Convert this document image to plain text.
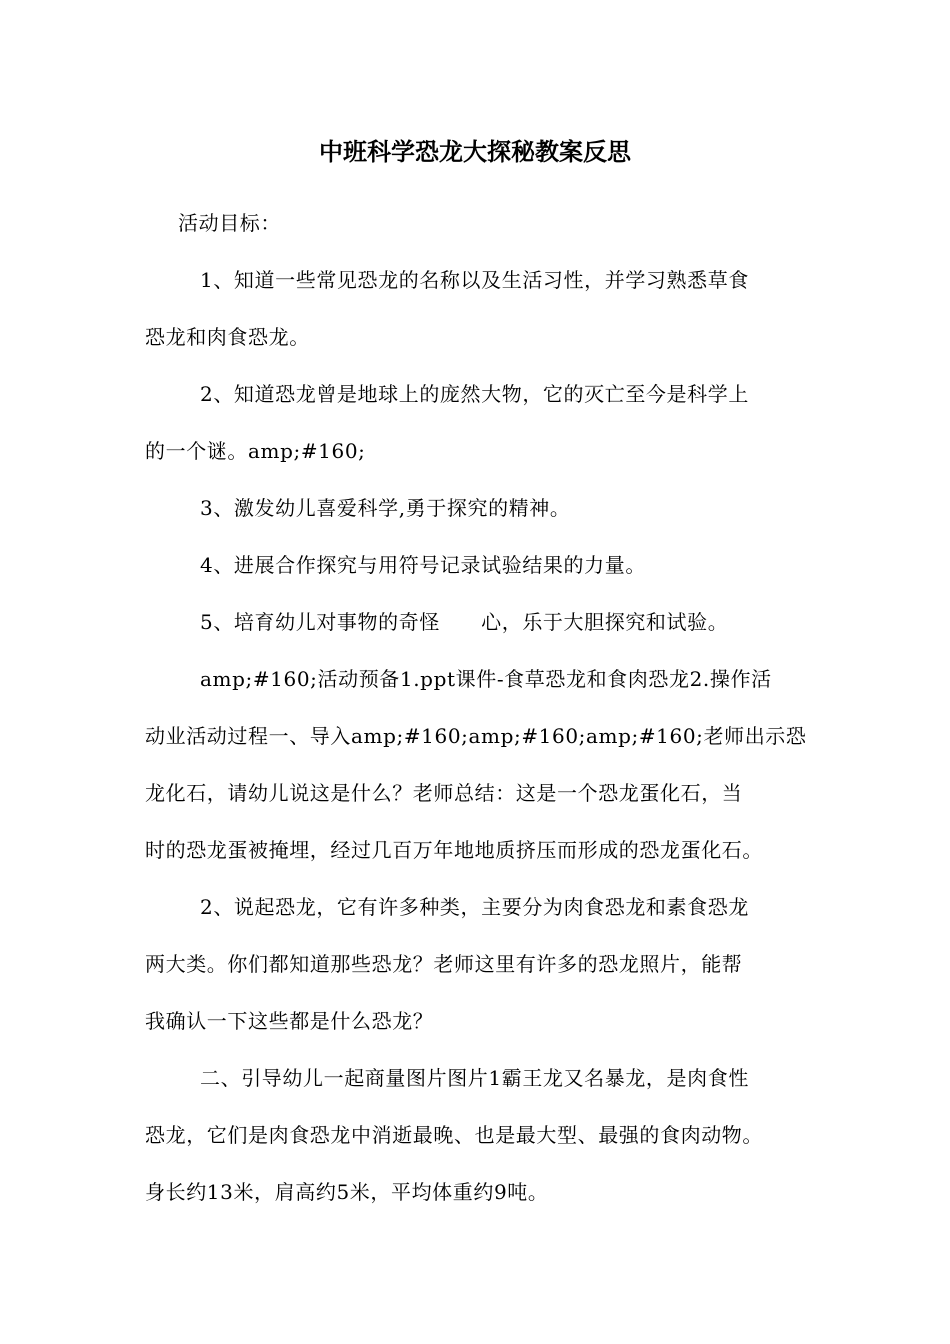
中班科学恐龙大探秘教案反思
活动目标：
1、知道一些常见恐龙的名称以及生活习性，并学习熟悉草食
恐龙和肉食恐龙。
2、知道恐龙曾是地球上的庞然大物，它的灭亡至今是科学上
的一个谜。amp;#160;
3、激发幼儿喜爱科学,勇于探究的精神。
4、进展合作探究与用符号记录试验结果的力量。
5、培育幼儿对事物的奇怪　　心，乐于大胆探究和试验。
amp;#160;活动预备1.ppt课件-食草恐龙和食肉恐龙2.操作活
动业活动过程一、导入amp;#160;amp;#160;amp;#160;老师出示恐
龙化石，请幼儿说这是什么？老师总结：这是一个恐龙蛋化石，当
时的恐龙蛋被掩埋，经过几百万年地地质挤压而形成的恐龙蛋化石。
2、说起恐龙，它有许多种类，主要分为肉食恐龙和素食恐龙
两大类。你们都知道那些恐龙？老师这里有许多的恐龙照片，能帮
我确认一下这些都是什么恐龙？
二、引导幼儿一起商量图片图片1霸王龙又名暴龙，是肉食性
恐龙，它们是肉食恐龙中消逝最晚、也是最大型、最强的食肉动物。
身长约13米，肩高约5米，平均体重约9吨。
